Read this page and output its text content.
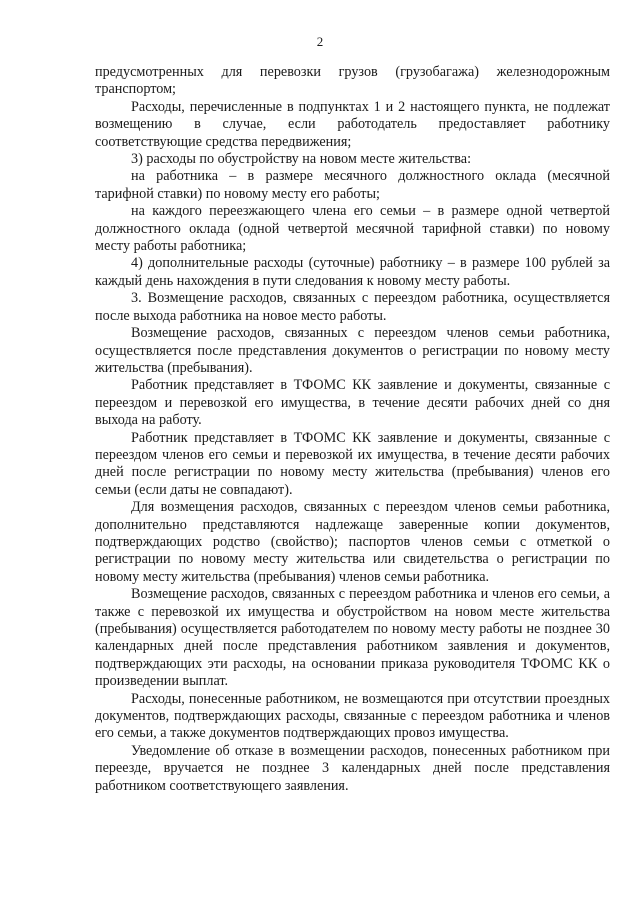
2

предусмотренных для перевозки грузов (грузобагажа) железнодорожным транспортом;

Расходы, перечисленные в подпунктах 1 и 2 настоящего пункта, не подлежат возмещению в случае, если работодатель предоставляет работнику соответствующие средства передвижения;

3) расходы по обустройству на новом месте жительства:

на работника – в размере месячного должностного оклада (месячной тарифной ставки) по новому месту его работы;

на каждого переезжающего члена его семьи – в размере одной четвертой должностного оклада (одной четвертой месячной тарифной ставки) по новому месту работы работника;

4) дополнительные расходы (суточные) работнику – в размере 100 рублей за каждый день нахождения в пути следования к новому месту работы.

3. Возмещение расходов, связанных с переездом работника, осуществляется после выхода работника на новое место работы.

Возмещение расходов, связанных с переездом членов семьи работника, осуществляется после представления документов о регистрации по новому месту жительства (пребывания).

Работник представляет в ТФОМС КК заявление и документы, связанные с переездом и перевозкой его имущества, в течение десяти рабочих дней со дня выхода на работу.

Работник представляет в ТФОМС КК заявление и документы, связанные с переездом членов его семьи и перевозкой их имущества, в течение десяти рабочих дней после регистрации по новому месту жительства (пребывания) членов его семьи (если даты не совпадают).

Для возмещения расходов, связанных с переездом членов семьи работника, дополнительно представляются надлежаще заверенные копии документов, подтверждающих родство (свойство); паспортов членов семьи с отметкой о регистрации по новому месту жительства или свидетельства о регистрации по новому месту жительства (пребывания) членов семьи работника.

Возмещение расходов, связанных с переездом работника и членов его семьи, а также с перевозкой их имущества и обустройством на новом месте жительства (пребывания) осуществляется работодателем по новому месту работы не позднее 30 календарных дней после представления работником заявления и документов, подтверждающих эти расходы, на основании приказа руководителя ТФОМС КК о произведении выплат.

Расходы, понесенные работником, не возмещаются при отсутствии проездных документов, подтверждающих расходы, связанные с переездом работника и членов его семьи, а также документов подтверждающих провоз имущества.

Уведомление об отказе в возмещении расходов, понесенных работником при переезде, вручается не позднее 3 календарных дней после представления работником соответствующего заявления.
